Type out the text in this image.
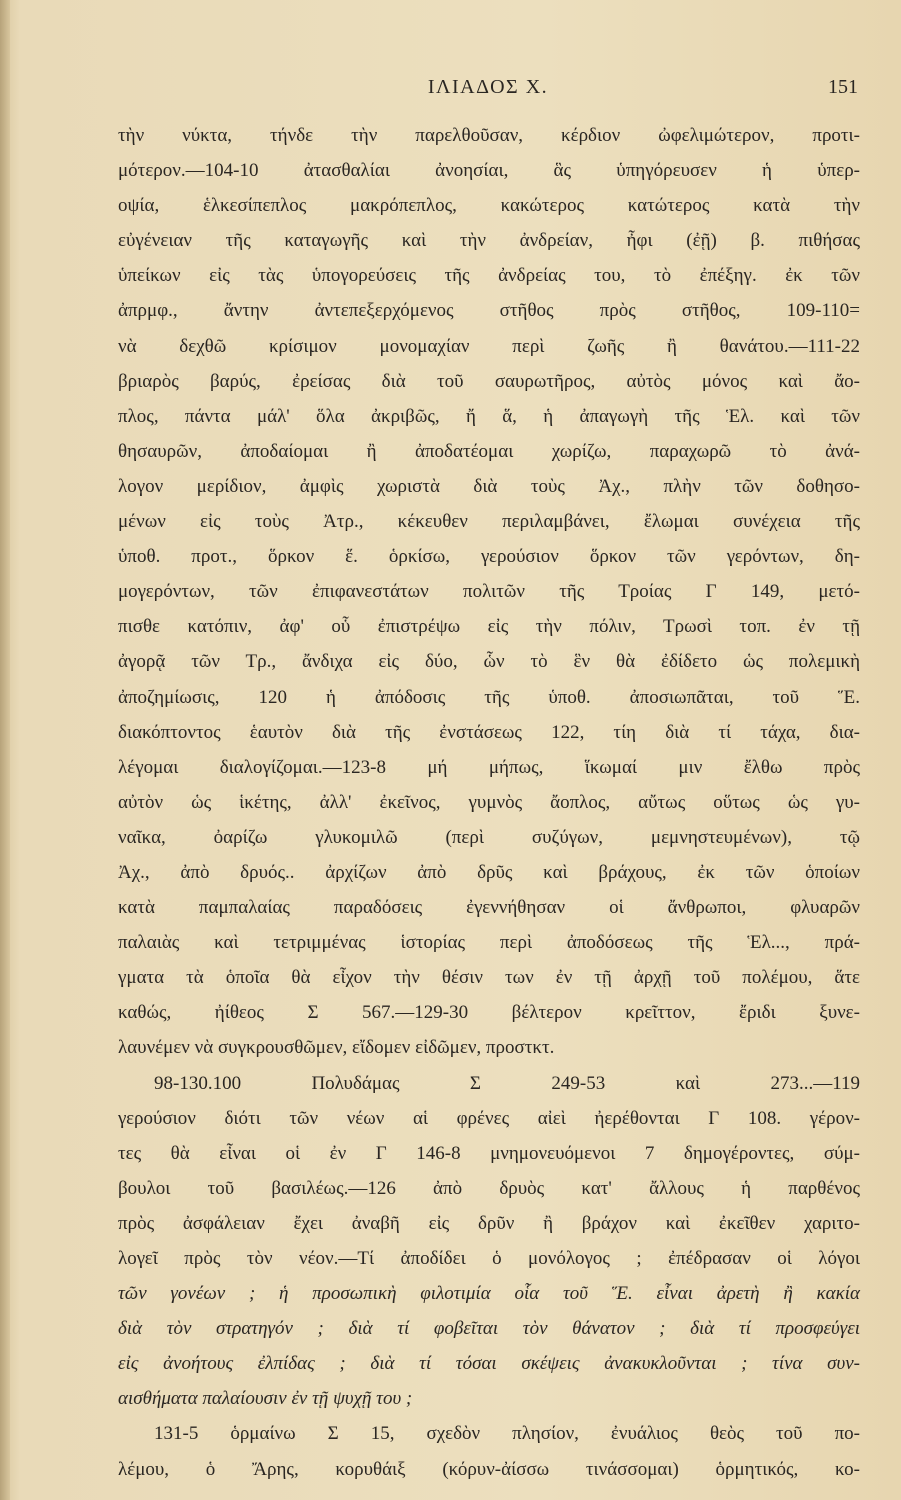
ΙΛΙΑΔΟΣ Χ.	151
τὴν νύκτα, τήνδε τὴν παρελθοῦσαν, κέρδιον ὠφελιμώτερον, προτι-
μότερον.—104-10 ἀτασθαλίαι ἀνοησίαι, ἃς ὑπηγόρευσεν ἡ ὑπερ-
οψία, ἑλκεσίπεπλος μακρόπεπλος, κακώτερος κατώτερος κατὰ τὴν
εὐγένειαν τῆς καταγωγῆς καὶ τὴν ἀνδρείαν, ἦφι (ἐῇ) β. πιθήσας
ὑπείκων εἰς τὰς ὑπογορεύσεις τῆς ἀνδρείας του, τὸ ἐπέξηγ. ἐκ τῶν
ἀπρμφ., ἄντην ἀντεπεξερχόμενος στῆθος πρὸς στῆθος, 109-110=
νὰ δεχθῶ κρίσιμον μονομαχίαν περὶ ζωῆς ἢ θανάτου.—111-22
βριαρὸς βαρύς, ἐρείσας διὰ τοῦ σαυρωτῆρος, αὐτὸς μόνος καὶ ἄο-
πλος, πάντα μάλ' ὅλα ἀκριβῶς, ἤ ἅ, ἡ ἀπαγωγὴ τῆς Ἑλ. καὶ τῶν
θησαυρῶν, ἀποδαίομαι ἢ ἀποδατέομαι χωρίζω, παραχωρῶ τὸ ἀνά-
λογον μερίδιον, ἀμφὶς χωριστὰ διὰ τοὺς Ἀχ., πλὴν τῶν δοθησο-
μένων εἰς τοὺς Ἀτρ., κέκευθεν περιλαμβάνει, ἔλωμαι συνέχεια τῆς
ὑποθ. προτ., ὅρκον ἕ. ὁρκίσω, γερούσιον ὅρκον τῶν γερόντων, δη-
μογερόντων, τῶν ἐπιφανεστάτων πολιτῶν τῆς Τροίας Γ 149, μετό-
πισθε κατόπιν, ἀφ' οὗ ἐπιστρέψω εἰς τὴν πόλιν, Τρωσὶ τοπ. ἐν τῇ
ἀγορᾷ τῶν Τρ., ἄνδιχα εἰς δύο, ὧν τὸ ἓν θὰ ἐδίδετο ὡς πολεμικὴ
ἀποζημίωσις, 120 ἡ ἀπόδοσις τῆς ὑποθ. ἀποσιωπᾶται, τοῦ Ἕ.
διακόπτοντος ἑαυτὸν διὰ τῆς ἐνστάσεως 122, τίη διὰ τί τάχα, δια-
λέγομαι διαλογίζομαι.—123-8 μή μήπως, ἵκωμαί μιν ἔλθω πρὸς
αὐτὸν ὡς ἱκέτης, ἀλλ' ἐκεῖνος, γυμνὸς ἄοπλος, αὔτως οὕτως ὡς γυ-
ναῖκα, ὀαρίζω γλυκομιλῶ (περὶ συζύγων, μεμνηστευμένων), τῷ
Ἀχ., ἀπὸ δρυός.. ἀρχίζων ἀπὸ δρῦς καὶ βράχους, ἐκ τῶν ὁποίων
κατὰ παμπαλαίας παραδόσεις ἐγεννήθησαν οἱ ἄνθρωποι, φλυαρῶν
παλαιὰς καὶ τετριμμένας ἱστορίας περὶ ἀποδόσεως τῆς Ἑλ..., πρά-
γματα τὰ ὁποῖα θὰ εἶχον τὴν θέσιν των ἐν τῇ ἀρχῇ τοῦ πολέμου, ἅτε
καθώς, ἠίθεος Σ 567.—129-30 βέλτερον κρεῖττον, ἔριδι ξυνε-
λαυνέμεν νὰ συγκρουσθῶμεν, εἴδομεν εἰδῶμεν, προστκτ.
98-130.100 Πολυδάμας Σ 249-53 καὶ 273...—119
γερούσιον διότι τῶν νέων αἱ φρένες αἰεὶ ἠερέθονται Γ 108. γέρον-
τες θὰ εἶναι οἱ ἐν Γ 146-8 μνημονευόμενοι 7 δημογέροντες, σύμ-
βουλοι τοῦ βασιλέως.—126 ἀπὸ δρυὸς κατ' ἄλλους ἡ παρθένος
πρὸς ἀσφάλειαν ἔχει ἀναβῆ εἰς δρῦν ἢ βράχον καὶ ἐκεῖθεν χαριτο-
λογεῖ πρὸς τὸν νέον.—Τί ἀποδίδει ὁ μονόλογος ; ἐπέδρασαν οἱ λόγοι
τῶν γονέων ; ἡ προσωπικὴ φιλοτιμία οἷα τοῦ Ἕ. εἶναι ἀρετὴ ἢ κακία
διὰ τὸν στρατηγόν ; διὰ τί φοβεῖται τὸν θάνατον ; διὰ τί προσφεύγει
εἰς ἀνοήτους ἐλπίδας ; διὰ τί τόσαι σκέψεις ἀνακυκλοῦνται ; τίνα συν-
αισθήματα παλαίουσιν ἐν τῇ ψυχῇ του ;
131-5 ὁρμαίνω Σ 15, σχεδὸν πλησίον, ἐνυάλιος θεὸς τοῦ πο-
λέμου, ὁ Ἄρης, κορυθάιξ (κόρυν-ἀίσσω τινάσσομαι) ὁρμητικός, κο-
